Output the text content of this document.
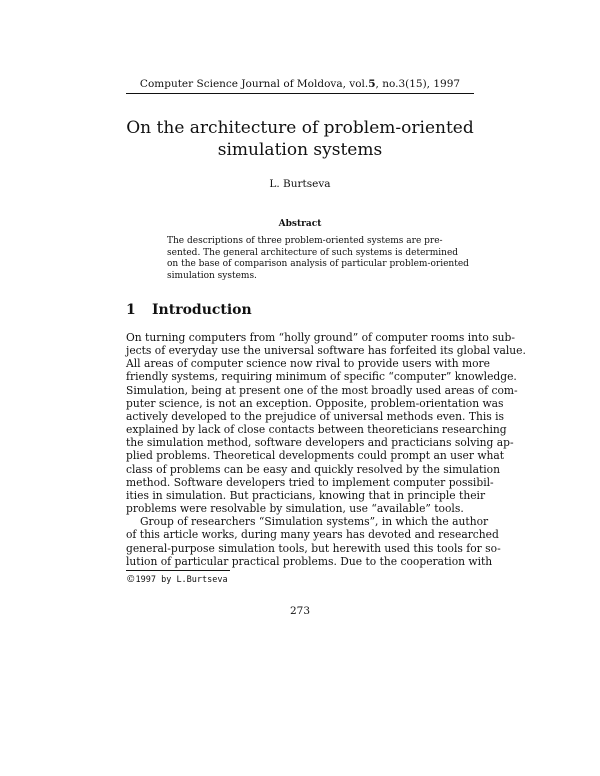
Computer Science Journal of Moldova, vol.5, no.3(15), 1997
On the architecture of problem-oriented
simulation systems
L. Burtseva
Abstract
The descriptions of three problem-oriented systems are pre-
sented. The general architecture of such systems is determined
on the base of comparison analysis of particular problem-oriented
simulation systems.
1 Introduction
On turning computers from “holly ground” of computer rooms into sub-
jects of everyday use the universal software has forfeited its global value.
All areas of computer science now rival to provide users with more
friendly systems, requiring minimum of specific “computer” knowledge.
Simulation, being at present one of the most broadly used areas of com-
puter science, is not an exception. Opposite, problem-orientation was
actively developed to the prejudice of universal methods even. This is
explained by lack of close contacts between theoreticians researching
the simulation method, software developers and practicians solving ap-
plied problems. Theoretical developments could prompt an user what
class of problems can be easy and quickly resolved by the simulation
method. Software developers tried to implement computer possibil-
ities in simulation. But practicians, knowing that in principle their
problems were resolvable by simulation, use “available” tools.
Group of researchers “Simulation systems”, in which the author
of this article works, during many years has devoted and researched
general-purpose simulation tools, but herewith used this tools for so-
lution of particular practical problems. Due to the cooperation with
©1997 by L.Burtseva
273
